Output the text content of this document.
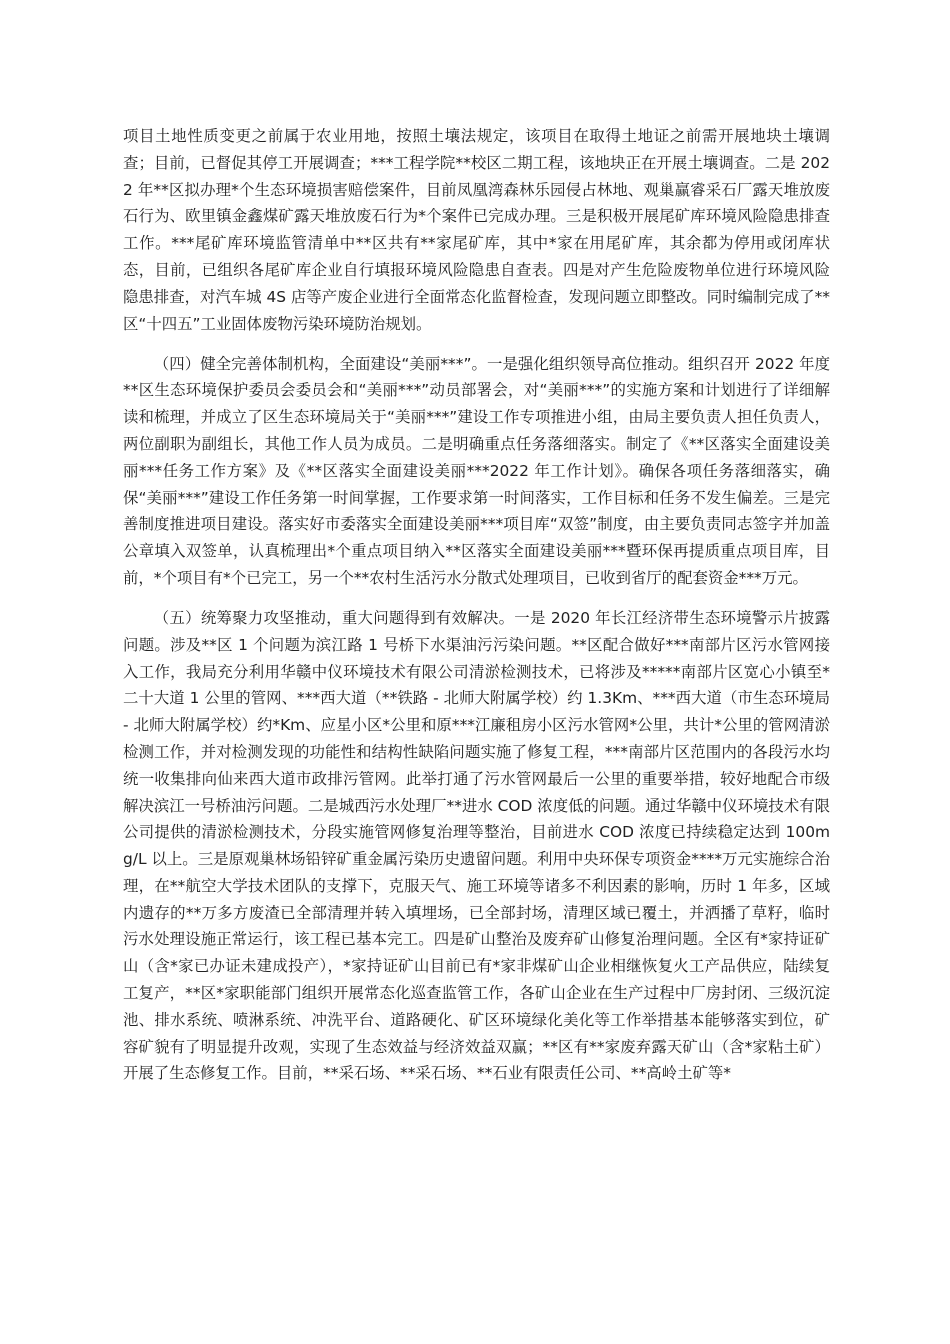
项目土地性质变更之前属于农业用地，按照土壤法规定，该项目在取得土地证之前需开展地块土壤调查；目前，已督促其停工开展调查；***工程学院**校区二期工程，该地块正在开展土壤调查。二是 2022 年**区拟办理*个生态环境损害赔偿案件，目前凤凰湾森林乐园侵占林地、观巢赢睿采石厂露天堆放废石行为、欧里镇金鑫煤矿露天堆放废石行为*个案件已完成办理。三是积极开展尾矿库环境风险隐患排查工作。***尾矿库环境监管清单中**区共有**家尾矿库，其中*家在用尾矿库，其余都为停用或闭库状态，目前，已组织各尾矿库企业自行填报环境风险隐患自查表。四是对产生危险废物单位进行环境风险隐患排查，对汽车城 4S 店等产废企业进行全面常态化监督检查，发现问题立即整改。同时编制完成了**区“十四五”工业固体废物污染环境防治规划。

（四）健全完善体制机构，全面建设“美丽***”。一是强化组织领导高位推动。组织召开 2022 年度**区生态环境保护委员会委员会和“美丽***”动员部署会，对“美丽***”的实施方案和计划进行了详细解读和梳理，并成立了区生态环境局关于“美丽***”建设工作专项推进小组，由局主要负责人担任负责人，两位副职为副组长，其他工作人员为成员。二是明确重点任务落细落实。制定了《**区落实全面建设美丽***任务工作方案》及《**区落实全面建设美丽***2022 年工作计划》。确保各项任务落细落实，确保“美丽***”建设工作任务第一时间掌握，工作要求第一时间落实，工作目标和任务不发生偏差。三是完善制度推进项目建设。落实好市委落实全面建设美丽***项目库“双签”制度，由主要负责同志签字并加盖公章填入双签单，认真梳理出*个重点项目纳入**区落实全面建设美丽***暨环保再提质重点项目库，目前，*个项目有*个已完工，另一个**农村生活污水分散式处理项目，已收到省厅的配套资金***万元。

（五）统筹聚力攻坚推动，重大问题得到有效解决。一是 2020 年长江经济带生态环境警示片披露问题。涉及**区 1 个问题为滨江路 1 号桥下水渠油污污染问题。**区配合做好***南部片区污水管网接入工作，我局充分利用华赣中仪环境技术有限公司清淤检测技术，已将涉及*****南部片区宽心小镇至*二十大道 1 公里的管网、***西大道（**铁路 - 北师大附属学校）约 1.3Km、***西大道（市生态环境局 - 北师大附属学校）约*Km、应星小区*公里和原***江廉租房小区污水管网*公里，共计*公里的管网清淤检测工作，并对检测发现的功能性和结构性缺陷问题实施了修复工程，***南部片区范围内的各段污水均统一收集排向仙来西大道市政排污管网。此举打通了污水管网最后一公里的重要举措，较好地配合市级解决滨江一号桥油污问题。二是城西污水处理厂**进水 COD 浓度低的问题。通过华赣中仪环境技术有限公司提供的清淤检测技术，分段实施管网修复治理等整治，目前进水 COD 浓度已持续稳定达到 100mg/L 以上。三是原观巢林场铅锌矿重金属污染历史遗留问题。利用中央环保专项资金****万元实施综合治理，在**航空大学技术团队的支撑下，克服天气、施工环境等诸多不利因素的影响，历时 1 年多，区域内遗存的**万多方废渣已全部清理并转入填埋场，已全部封场，清理区域已覆土，并洒播了草籽，临时污水处理设施正常运行，该工程已基本完工。四是矿山整治及废弃矿山修复治理问题。全区有*家持证矿山（含*家已办证未建成投产），*家持证矿山目前已有*家非煤矿山企业相继恢复火工产品供应，陆续复工复产，**区*家职能部门组织开展常态化巡查监管工作，各矿山企业在生产过程中厂房封闭、三级沉淀池、排水系统、喷淋系统、冲洗平台、道路硬化、矿区环境绿化美化等工作举措基本能够落实到位，矿容矿貌有了明显提升改观，实现了生态效益与经济效益双赢；**区有**家废弃露天矿山（含*家粘土矿）开展了生态修复工作。目前，**采石场、**采石场、**石业有限责任公司、**高岭土矿等*
